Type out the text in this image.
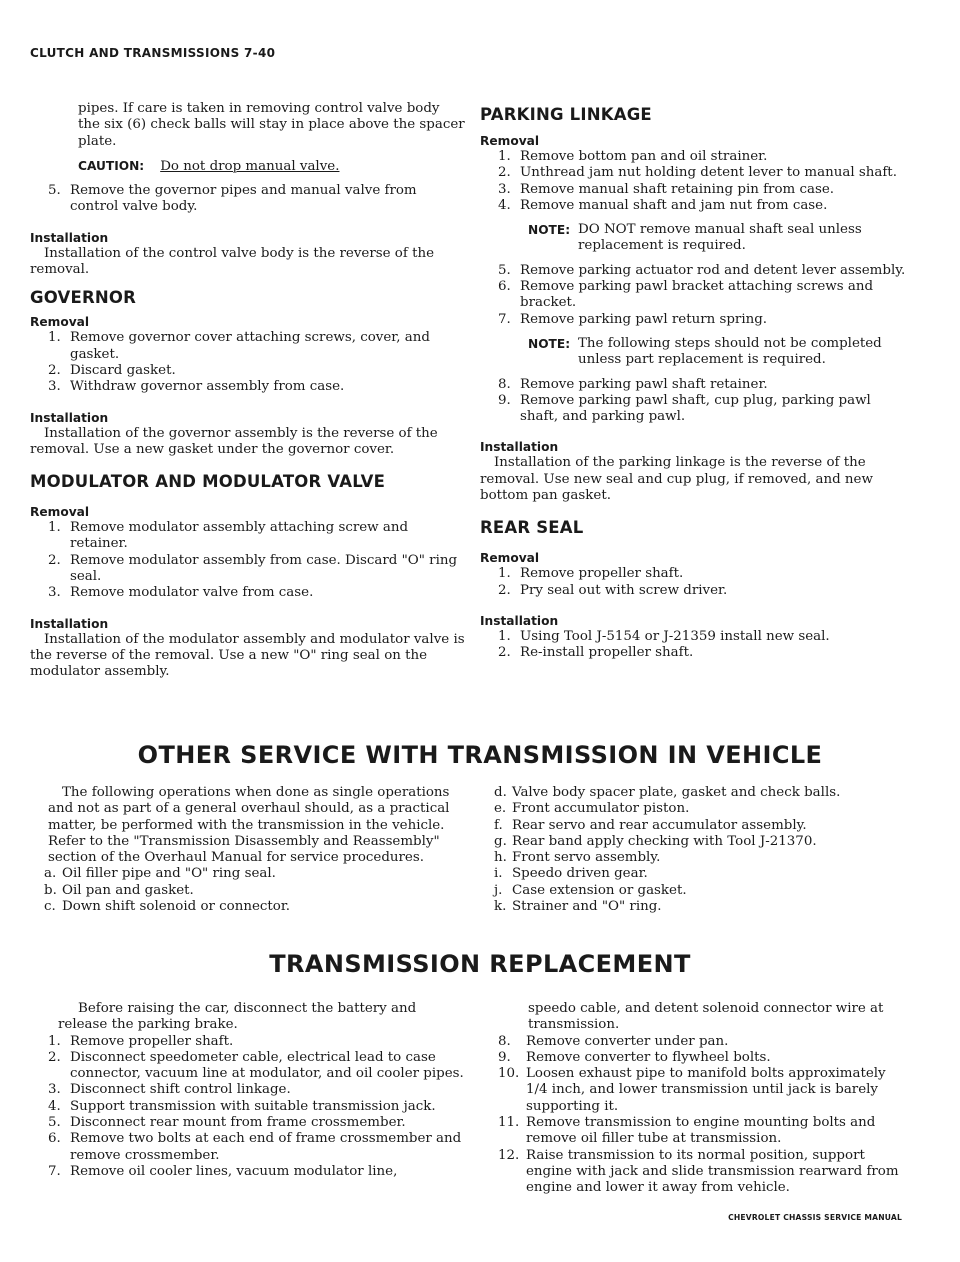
CLUTCH AND TRANSMISSIONS 7-40

pipes. If care is taken in removing control valve body the six (6) check balls will stay in place above the spacer plate.

CAUTION: Do not drop manual valve.
5. Remove the governor pipes and manual valve from control valve body.
Installation

Installation of the control valve body is the reverse of the removal.

GOVERNOR
Removal
1. Remove governor cover attaching screws, cover, and gasket.
2. Discard gasket.
3. Withdraw governor assembly from case.
Installation

Installation of the governor assembly is the reverse of the removal. Use a new gasket under the governor cover.

MODULATOR AND MODULATOR VALVE
Removal
1. Remove modulator assembly attaching screw and retainer.
2. Remove modulator assembly from case. Discard "O" ring seal.
3. Remove modulator valve from case.
Installation

Installation of the modulator assembly and modulator valve is the reverse of the removal. Use a new "O" ring seal on the modulator assembly.

PARKING LINKAGE
Removal
1. Remove bottom pan and oil strainer.
2. Unthread jam nut holding detent lever to manual shaft.
3. Remove manual shaft retaining pin from case.
4. Remove manual shaft and jam nut from case.
NOTE: DO NOT remove manual shaft seal unless replacement is required.
5. Remove parking actuator rod and detent lever assembly.
6. Remove parking pawl bracket attaching screws and bracket.
7. Remove parking pawl return spring.
NOTE: The following steps should not be completed unless part replacement is required.
8. Remove parking pawl shaft retainer.
9. Remove parking pawl shaft, cup plug, parking pawl shaft, and parking pawl.
Installation

Installation of the parking linkage is the reverse of the removal. Use new seal and cup plug, if removed, and new bottom pan gasket.

REAR SEAL
Removal
1. Remove propeller shaft.
2. Pry seal out with screw driver.
Installation
1. Using Tool J-5154 or J-21359 install new seal.
2. Re-install propeller shaft.
OTHER SERVICE WITH TRANSMISSION IN VEHICLE

The following operations when done as single operations and not as part of a general overhaul should, as a practical matter, be performed with the transmission in the vehicle. Refer to the "Transmission Disassembly and Reassembly" section of the Overhaul Manual for service procedures.

a. Oil filler pipe and "O" ring seal.
b. Oil pan and gasket.
c. Down shift solenoid or connector.
d. Valve body spacer plate, gasket and check balls.
e. Front accumulator piston.
f. Rear servo and rear accumulator assembly.
g. Rear band apply checking with Tool J-21370.
h. Front servo assembly.
i. Speedo driven gear.
j. Case extension or gasket.
k. Strainer and "O" ring.
TRANSMISSION REPLACEMENT

Before raising the car, disconnect the battery and release the parking brake.

1. Remove propeller shaft.
2. Disconnect speedometer cable, electrical lead to case connector, vacuum line at modulator, and oil cooler pipes.
3. Disconnect shift control linkage.
4. Support transmission with suitable transmission jack.
5. Disconnect rear mount from frame crossmember.
6. Remove two bolts at each end of frame crossmember and remove crossmember.
7. Remove oil cooler lines, vacuum modulator line,

speedo cable, and detent solenoid connector wire at transmission.

8.	Remove converter under pan.
9.	Remove converter to flywheel bolts.
10. Loosen exhaust pipe to manifold bolts approximately 1/4 inch, and lower transmission until jack is barely supporting it.
11. Remove transmission to engine mounting bolts and remove oil filler tube at transmission.
12. Raise transmission to its normal position, support engine with jack and slide transmission rearward from engine and lower it away from vehicle.
CHEVROLET CHASSIS SERVICE MANUAL
